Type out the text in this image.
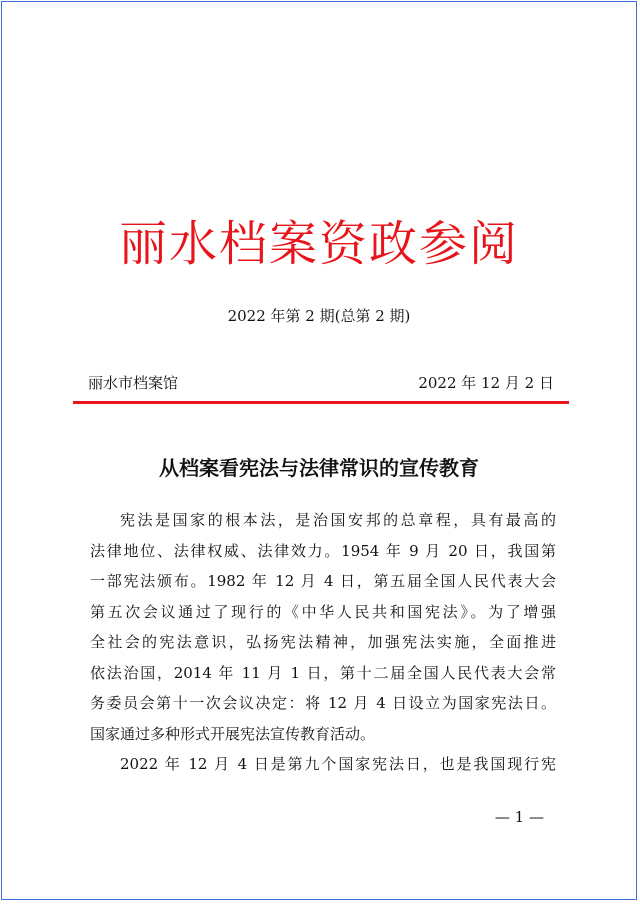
丽水档案资政参阅
2022 年第 2 期(总第 2 期)
丽水市档案馆	2022 年 12 月 2 日
从档案看宪法与法律常识的宣传教育
宪法是国家的根本法，是治国安邦的总章程，具有最高的
法律地位、法律权威、法律效力。1954 年 9 月 20 日，我国第
一部宪法颁布。1982 年 12 月 4 日，第五届全国人民代表大会
第五次会议通过了现行的《中华人民共和国宪法》。为了增强
全社会的宪法意识，弘扬宪法精神，加强宪法实施，全面推进
依法治国，2014 年 11 月 1 日，第十二届全国人民代表大会常
务委员会第十一次会议决定：将 12 月 4 日设立为国家宪法日。
国家通过多种形式开展宪法宣传教育活动。
2022 年 12 月 4 日是第九个国家宪法日，也是我国现行宪
— 1 —
